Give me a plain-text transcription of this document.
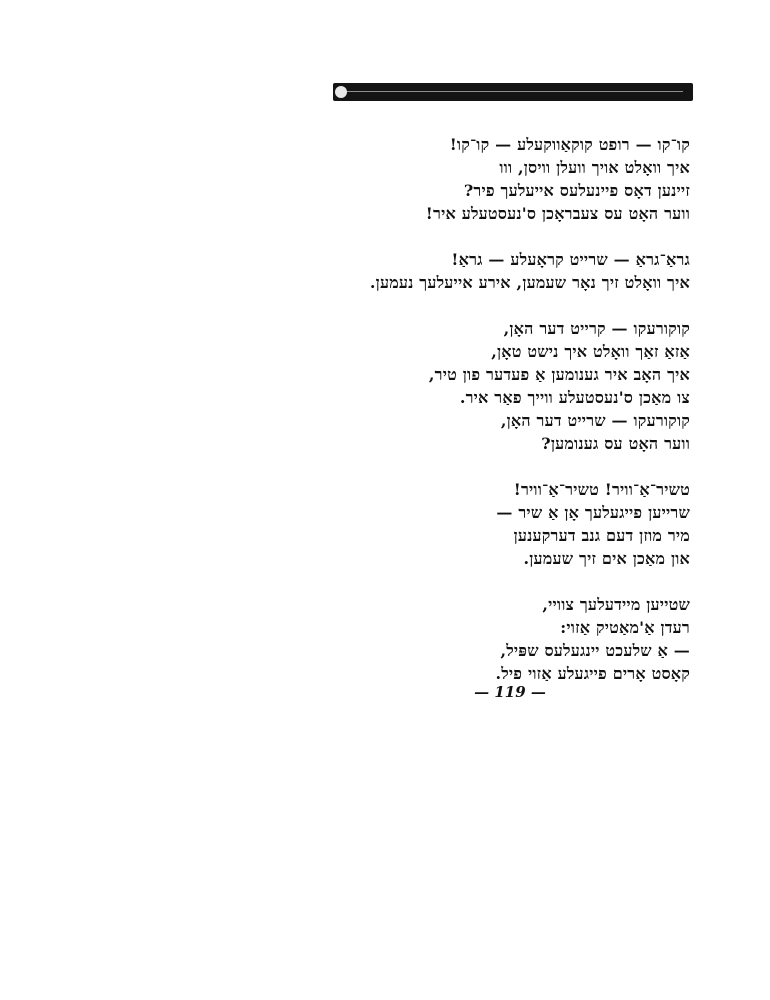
קו־קו — רופט קוקאַווקעלע — קו־קו!
איך וואָלט אויך וועלן וויסן, ווו
זיינען דאָס פיינעלעס אייעלעך פיר?
ווער האָט עס צעבראָכן ס'נעסטעלע איר!
גראַ־גראַ — שרייט קראָעלע — גראַ!
איך וואָלט זיך נאָר שעמען, אירע אייעלעך נעמען.
קוקורעקו — קרייט דער האָן,
אַזאַ זאַך וואָלט איך נישט טאָן,
איך האָב איר גענומען אַ פעדער פון טיר,
צו מאַכן ס'נעסטעלע ווייך פאַר איר.
קוקורעקו — שרייט דער האָן,
ווער האָט עס גענומען?
טשיר־אַ־וויר! טשיר־אַ־וויר!
שרייען פייגעלעך אָן אַ שיר —
מיר מוזן דעם גנב דערקענען
און מאַכן אים זיך שעמען.
שטייען מיידעלעך צוויי,
רעדן אַ'מאַטיק אַזוי:
— אַ שלעכט יינגעלעס שפּיל,
קאָסט אָרים פייגעלע אַזוי פיל.
— 119 —
